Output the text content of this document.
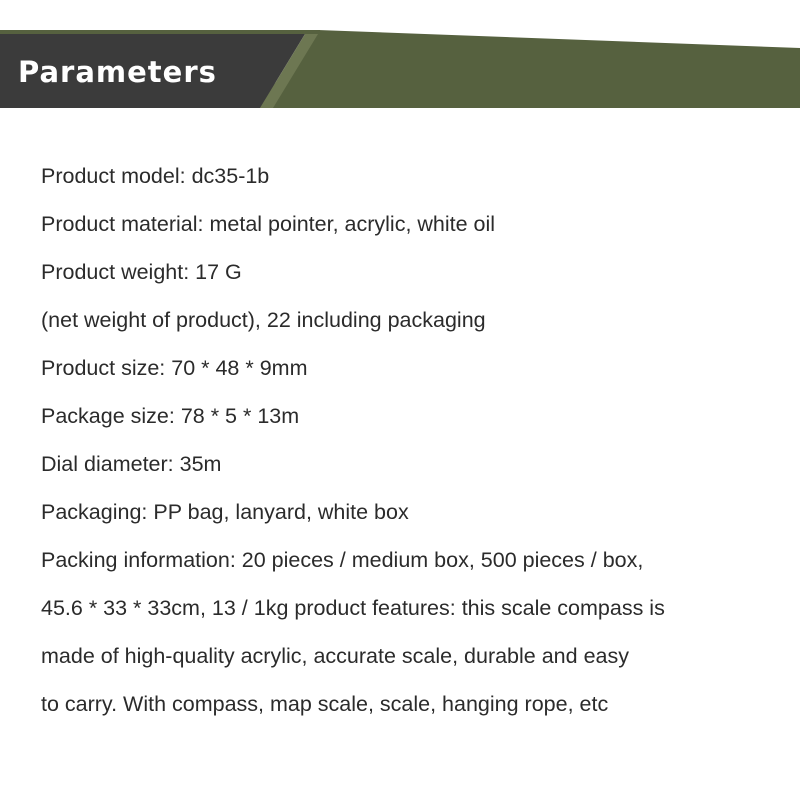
Parameters
Product model: dc35-1b
Product material: metal pointer, acrylic, white oil
Product weight: 17 G
(net weight of product), 22 including packaging
Product size: 70 * 48 * 9mm
Package size: 78 * 5 * 13m
Dial diameter: 35m
Packaging: PP bag, lanyard, white box
Packing information: 20 pieces / medium box, 500 pieces / box,
45.6 * 33 * 33cm, 13 / 1kg product features: this scale compass is
made of high-quality acrylic, accurate scale, durable and easy
to carry. With compass, map scale, scale, hanging rope, etc
